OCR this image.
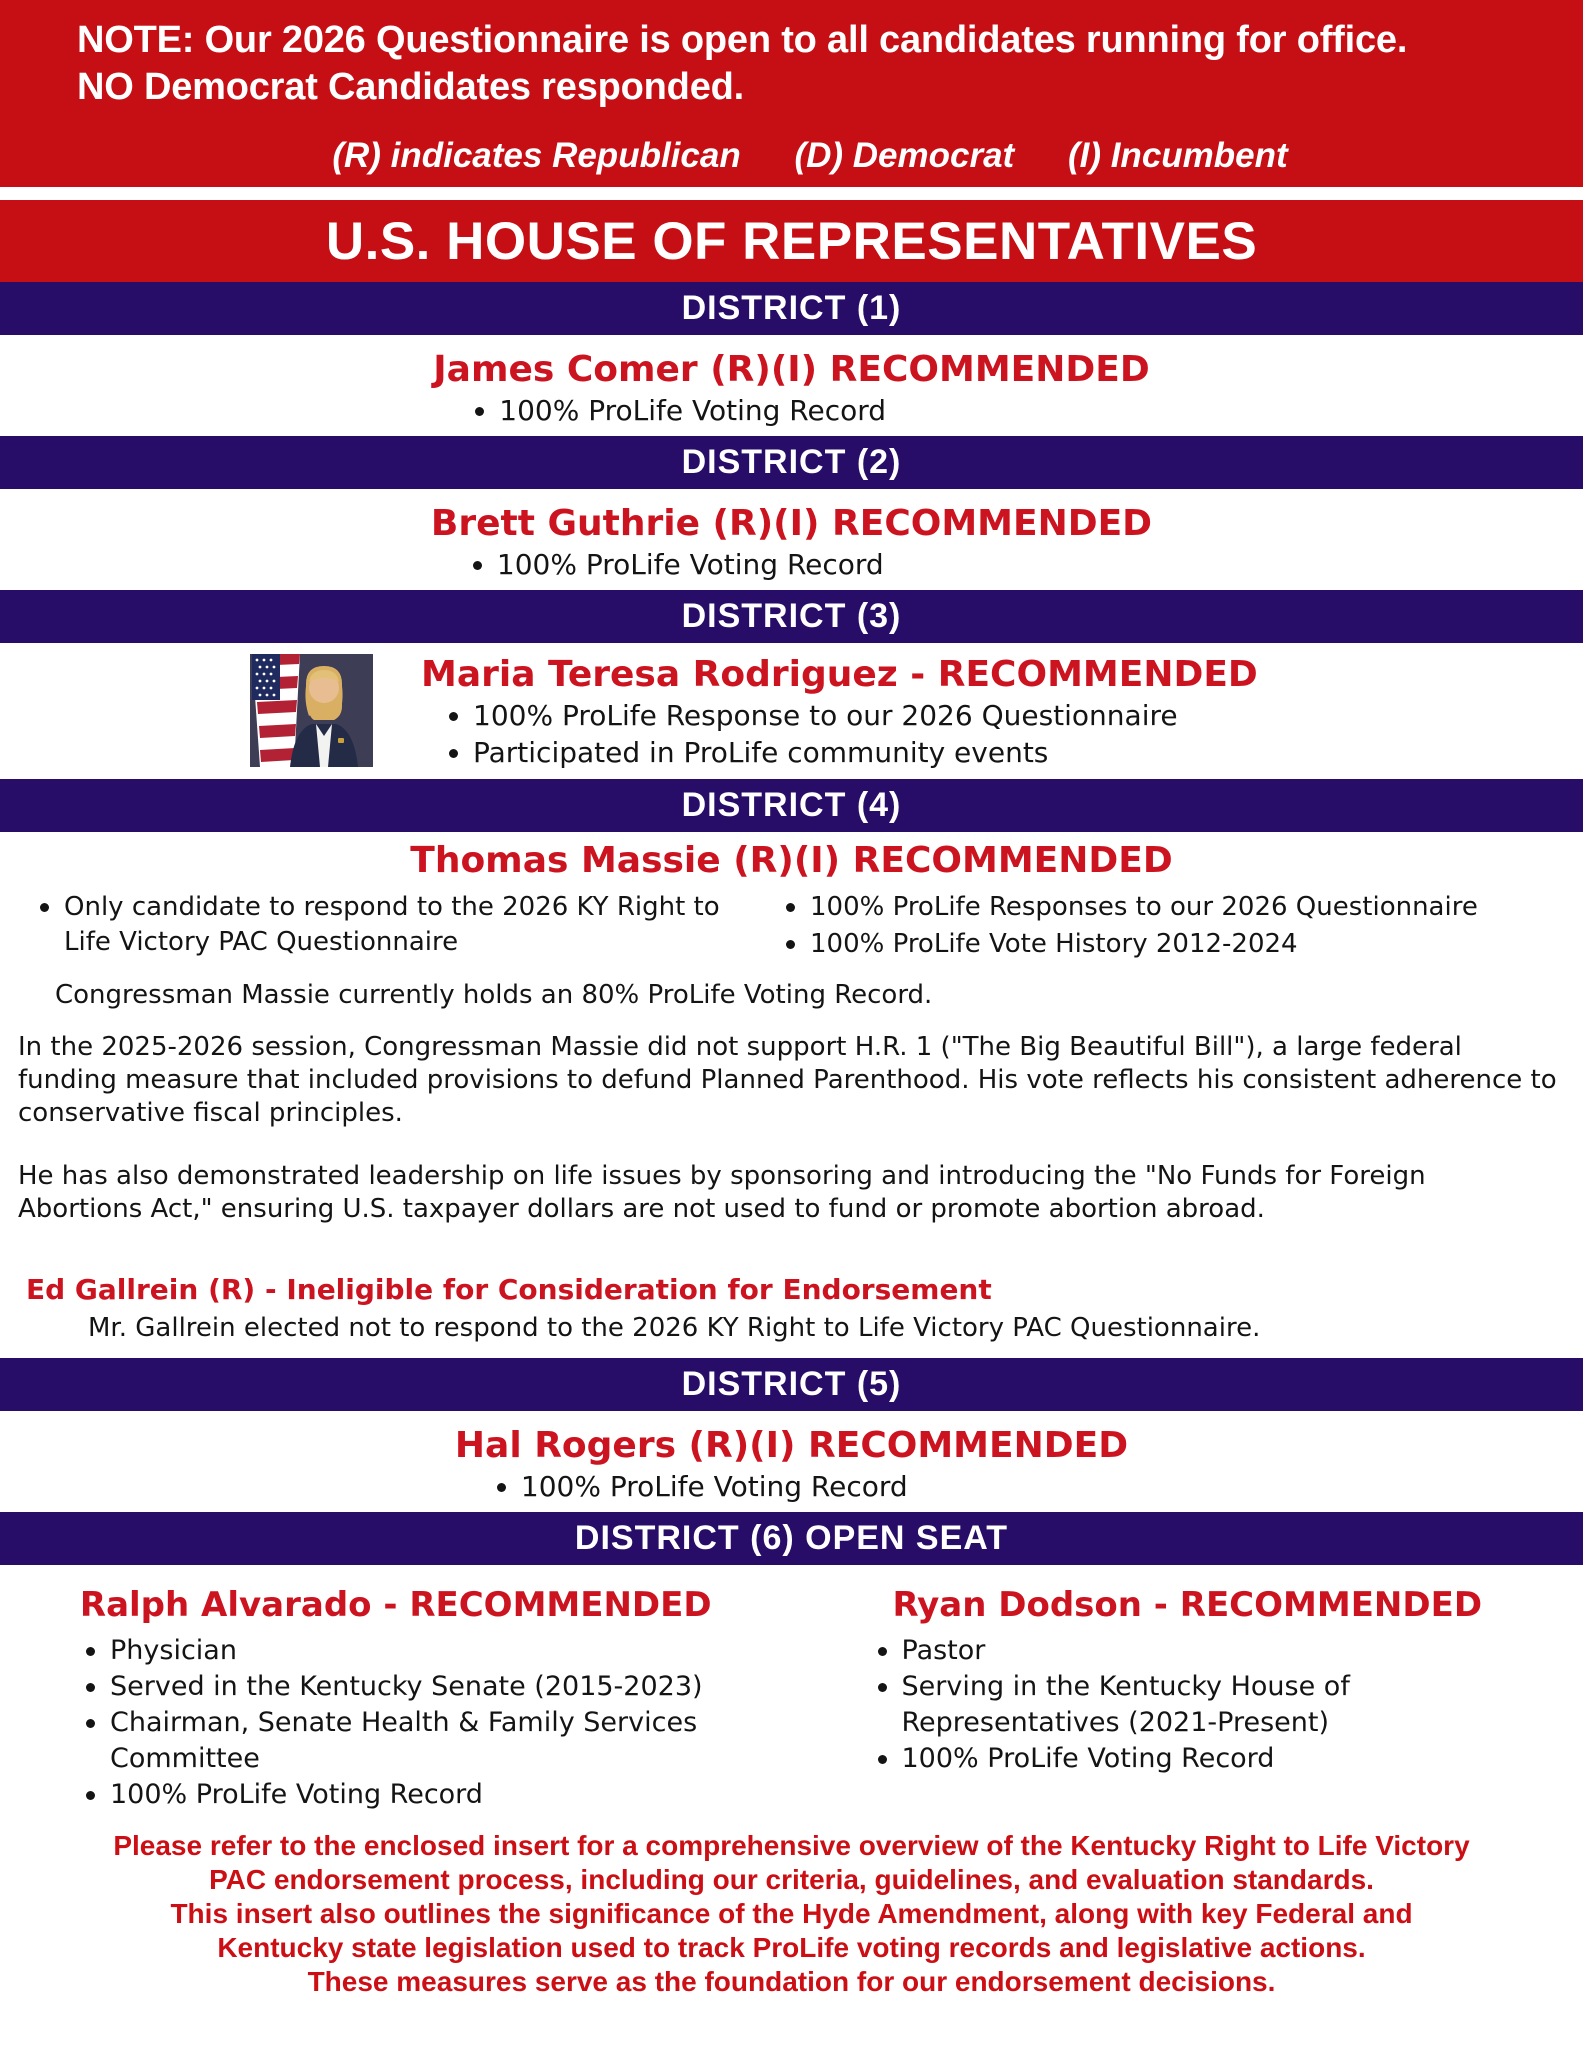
NOTE: Our 2026 Questionnaire is open to all candidates running for office.
NO Democrat Candidates responded.
(R) indicates Republican (D) Democrat (I) Incumbent
U.S. HOUSE OF REPRESENTATIVES
DISTRICT (1)
James Comer (R)(I) RECOMMENDED
100% ProLife Voting Record
DISTRICT (2)
Brett Guthrie (R)(I) RECOMMENDED
100% ProLife Voting Record
DISTRICT (3)
Maria Teresa Rodriguez - RECOMMENDED
100% ProLife Response to our 2026 Questionnaire
Participated in ProLife community events
DISTRICT (4)
Thomas Massie (R)(I) RECOMMENDED
Only candidate to respond to the 2026 KY Right to Life Victory PAC Questionnaire
100% ProLife Responses to our 2026 Questionnaire
100% ProLife Vote History 2012-2024
Congressman Massie currently holds an 80% ProLife Voting Record.

In the 2025-2026 session, Congressman Massie did not support H.R. 1 ("The Big Beautiful Bill"), a large federal funding measure that included provisions to defund Planned Parenthood. His vote reflects his consistent adherence to conservative fiscal principles.

He has also demonstrated leadership on life issues by sponsoring and introducing the "No Funds for Foreign Abortions Act," ensuring U.S. taxpayer dollars are not used to fund or promote abortion abroad.

Ed Gallrein (R) - Ineligible for Consideration for Endorsement
Mr. Gallrein elected not to respond to the 2026 KY Right to Life Victory PAC Questionnaire.
DISTRICT (5)
Hal Rogers (R)(I) RECOMMENDED
100% ProLife Voting Record
DISTRICT (6) OPEN SEAT
Ralph Alvarado - RECOMMENDED
Physician
Served in the Kentucky Senate (2015-2023)
Chairman, Senate Health & Family Services Committee
100% ProLife Voting Record
Ryan Dodson - RECOMMENDED
Pastor
Serving in the Kentucky House of Representatives (2021-Present)
100% ProLife Voting Record
Please refer to the enclosed insert for a comprehensive overview of the Kentucky Right to Life Victory
PAC endorsement process, including our criteria, guidelines, and evaluation standards.
This insert also outlines the significance of the Hyde Amendment, along with key Federal and
Kentucky state legislation used to track ProLife voting records and legislative actions.
These measures serve as the foundation for our endorsement decisions.
